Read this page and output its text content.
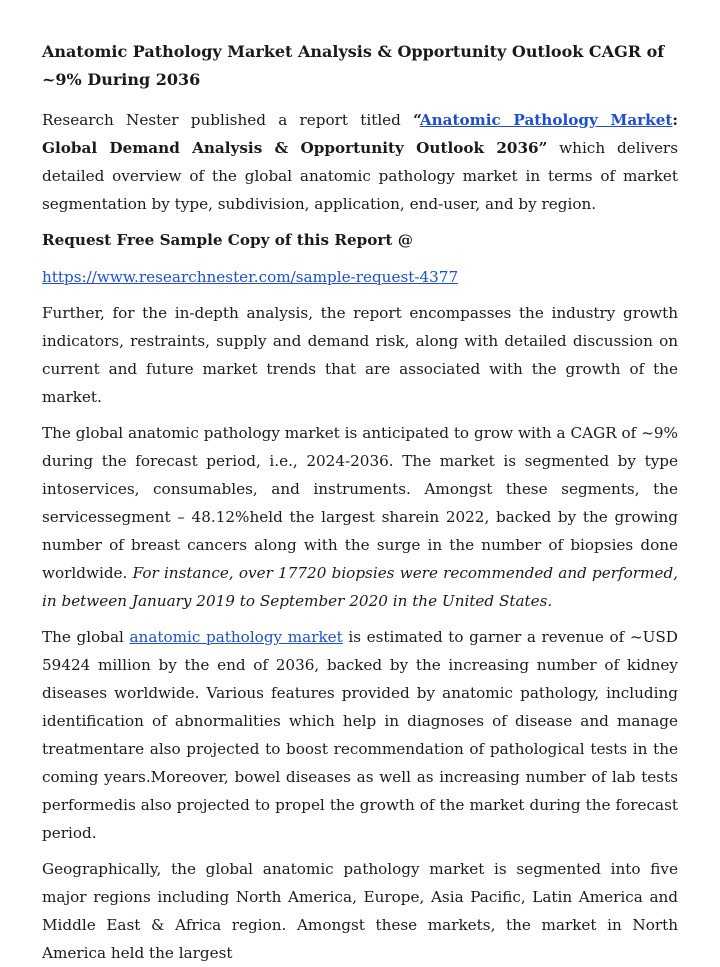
Anatomic Pathology Market Analysis & Opportunity Outlook CAGR of ~9% During 2036

Research Nester published a report titled “Anatomic Pathology Market: Global Demand Analysis & Opportunity Outlook 2036” which delivers detailed overview of the global anatomic pathology market in terms of market segmentation by type, subdivision, application, end-user, and by region.

Request Free Sample Copy of this Report @
https://www.researchnester.com/sample-request-4377

Further, for the in-depth analysis, the report encompasses the industry growth indicators, restraints, supply and demand risk, along with detailed discussion on current and future market trends that are associated with the growth of the market.

The global anatomic pathology market is anticipated to grow with a CAGR of ~9% during the forecast period, i.e., 2024-2036. The market is segmented by type intoservices, consumables, and instruments. Amongst these segments, the servicessegment – 48.12%held the largest sharein 2022, backed by the growing number of breast cancers along with the surge in the number of biopsies done worldwide. For instance, over 17720 biopsies were recommended and performed, in between January 2019 to September 2020 in the United States.

The global anatomic pathology market is estimated to garner a revenue of ~USD 59424 million by the end of 2036, backed by the increasing number of kidney diseases worldwide. Various features provided by anatomic pathology, including identification of abnormalities which help in diagnoses of disease and manage treatmentare also projected to boost recommendation of pathological tests in the coming years.Moreover, bowel diseases as well as increasing number of lab tests performedis also projected to propel the growth of the market during the forecast period.

Geographically, the global anatomic pathology market is segmented into five major regions including North America, Europe, Asia Pacific, Latin America and Middle East & Africa region. Amongst these markets, the market in North America held the largest
